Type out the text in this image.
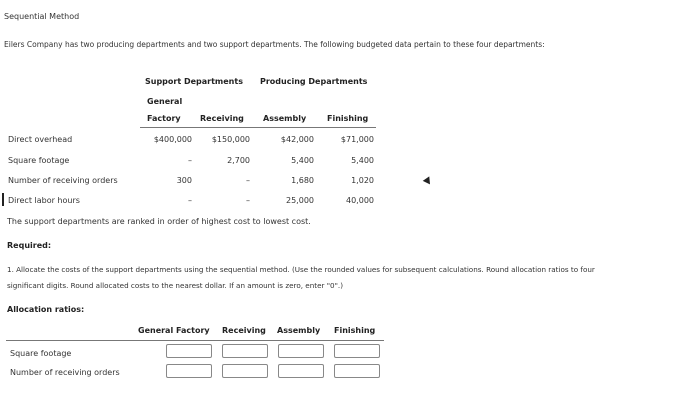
Sequential Method
Eilers Company has two producing departments and two support departments. The following budgeted data pertain to these four departments:
Support Departments Producing Departments
General
Factory Receiving Assembly	Finishing
Direct overhead	$400,000	$150,000	$42,000	$71,000
Square footage	–	2,700	5,400	5,400
Number of receiving orders	300	–	1,680	1,020
Direct labor hours	–	–	25,000	40,000
The support departments are ranked in order of highest cost to lowest cost.
Required:
1. Allocate the costs of the support departments using the sequential method. (Use the rounded values for subsequent calculations. Round allocation ratios to four
significant digits. Round allocated costs to the nearest dollar. If an amount is zero, enter "0".)
Allocation ratios:
General Factory Receiving Assembly Finishing
Square footage
Number of receiving orders
